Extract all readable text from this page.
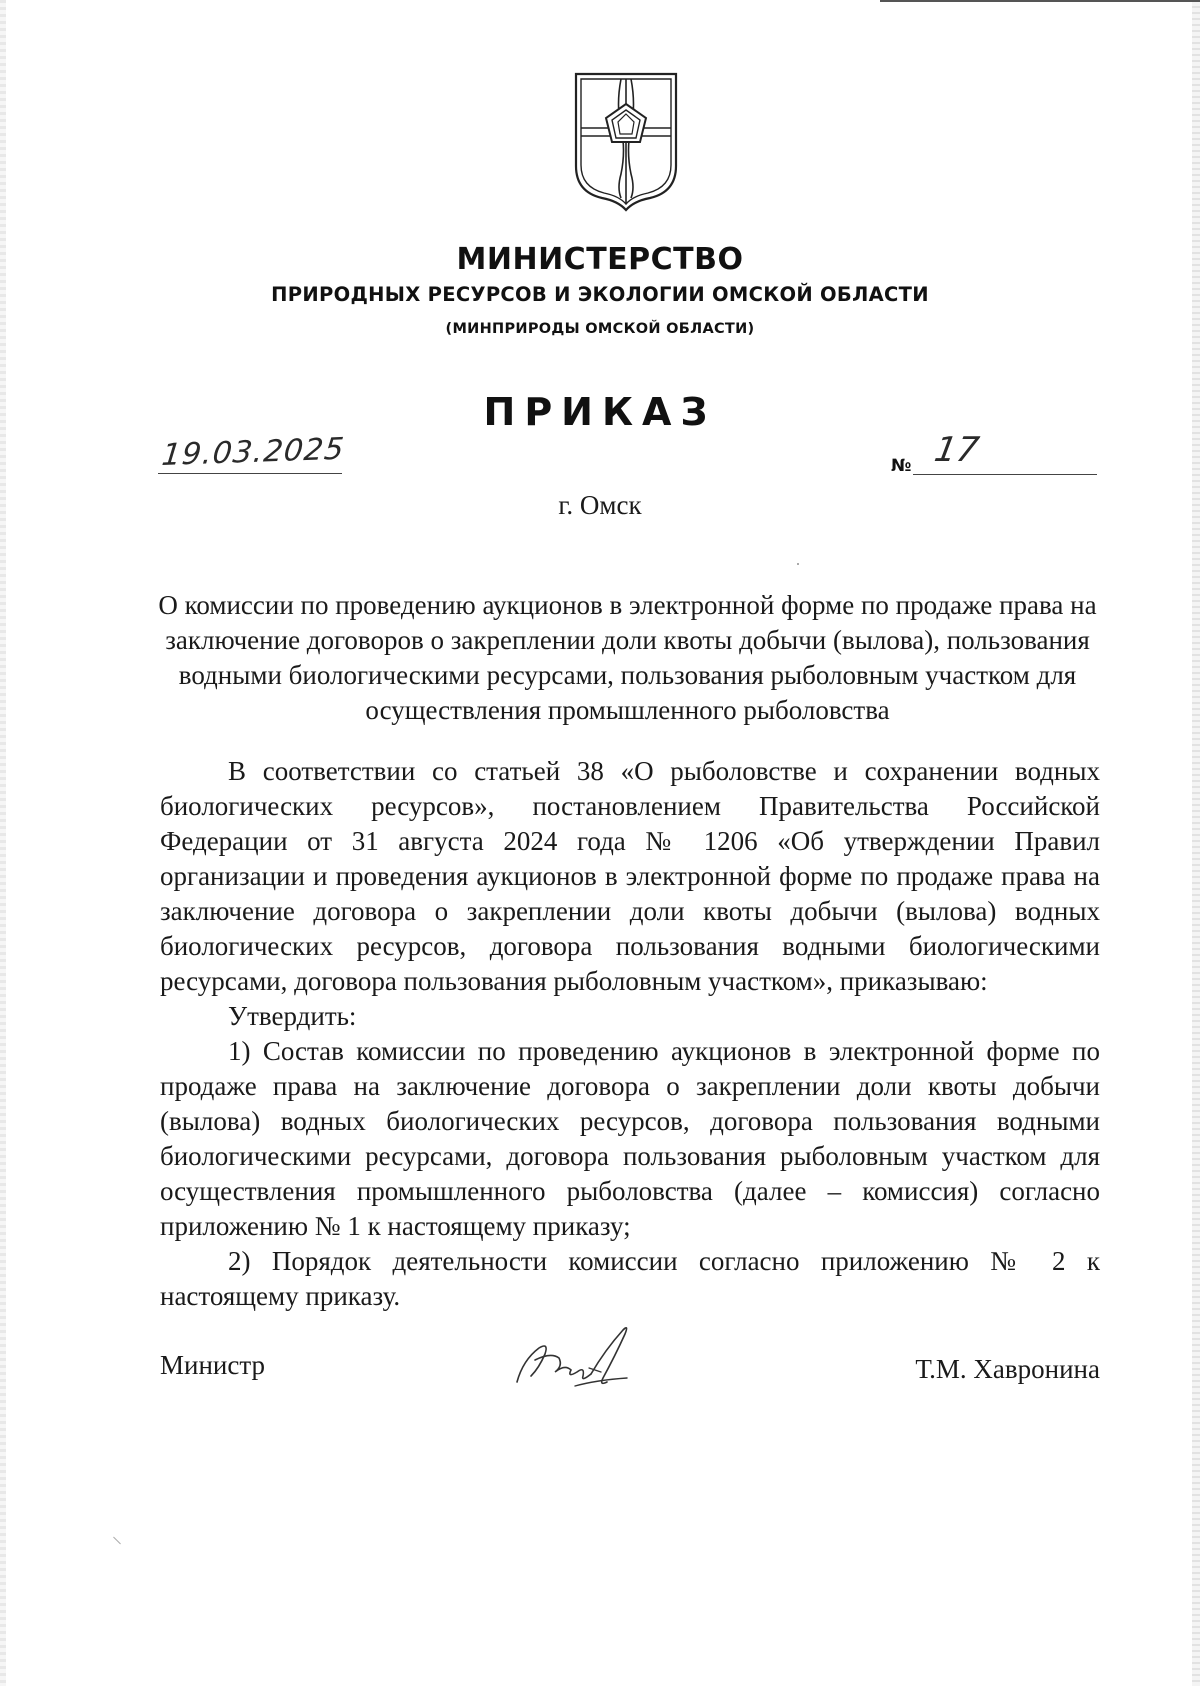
МИНИСТЕРСТВО
ПРИРОДНЫХ РЕСУРСОВ И ЭКОЛОГИИ ОМСКОЙ ОБЛАСТИ
(МИНПРИРОДЫ ОМСКОЙ ОБЛАСТИ)
ПРИКАЗ
19.03.2025	№ 17
г. Омск
О комиссии по проведению аукционов в электронной форме по продаже права на заключение договоров о закреплении доли квоты добычи (вылова), пользования водными биологическими ресурсами, пользования рыболовным участком для осуществления промышленного рыболовства

В соответствии со статьей 38 «О рыболовстве и сохранении водных биологических ресурсов», постановлением Правительства Российской Федерации от 31 августа 2024 года № 1206 «Об утверждении Правил организации и проведения аукционов в электронной форме по продаже права на заключение договора о закреплении доли квоты добычи (вылова) водных биологических ресурсов, договора пользования водными биологическими ресурсами, договора пользования рыболовным участком», приказываю:

Утвердить:

1) Состав комиссии по проведению аукционов в электронной форме по продаже права на заключение договора о закреплении доли квоты добычи (вылова) водных биологических ресурсов, договора пользования водными биологическими ресурсами, договора пользования рыболовным участком для осуществления промышленного рыболовства (далее – комиссия) согласно приложению № 1 к настоящему приказу;

2) Порядок деятельности комиссии согласно приложению № 2 к настоящему приказу.

Министр	Т.М. Хавронина
